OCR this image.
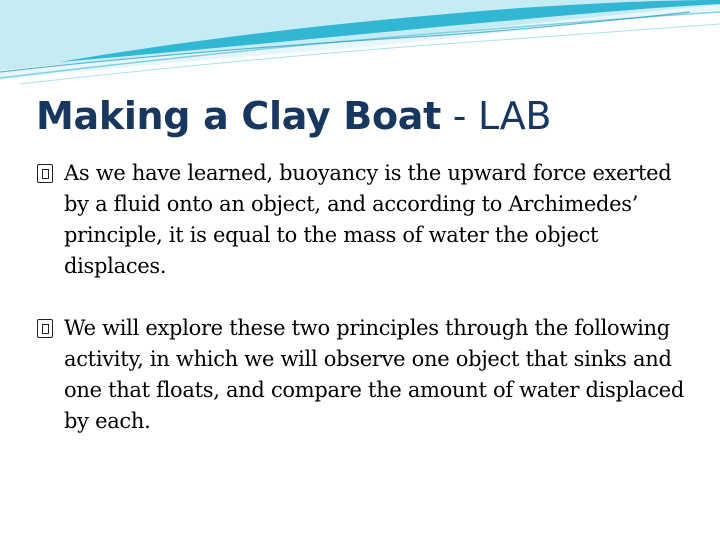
Making a Clay Boat - LAB
As we have learned, buoyancy is the upward force exerted by a fluid onto an object, and according to Archimedes’ principle, it is equal to the mass of water the object displaces.
We will explore these two principles through the following activity, in which we will observe one object that sinks and one that floats, and compare the amount of water displaced by each.
